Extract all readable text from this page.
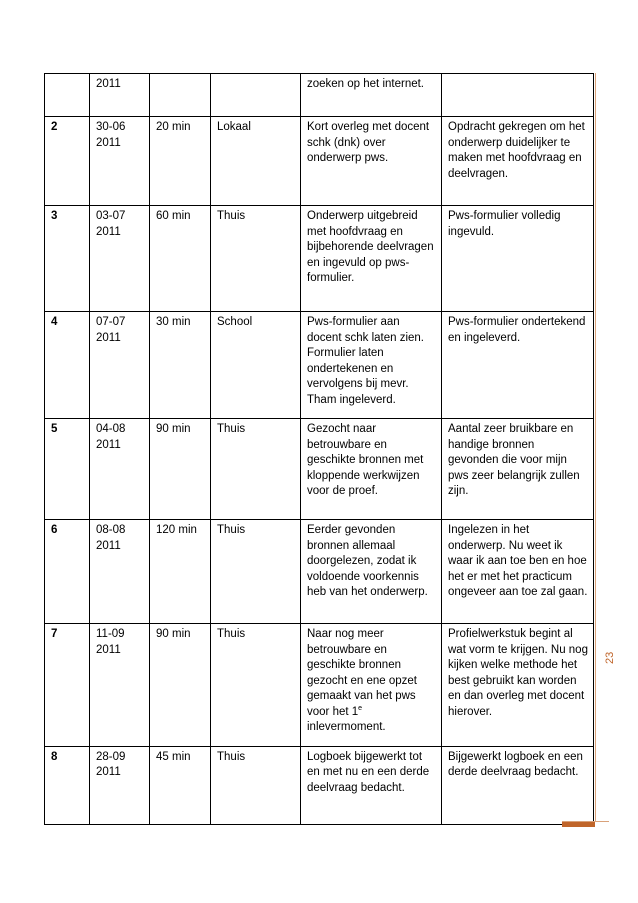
	2011			zoeken op het internet.	

2	30-06 2011	20 min	Lokaal	Kort overleg met docent schk (dnk) over onderwerp pws.	Opdracht gekregen om het onderwerp duidelijker te maken met hoofdvraag en deelvragen.

3	03-07 2011	60 min	Thuis	Onderwerp uitgebreid met hoofdvraag en bijbehorende deelvragen en ingevuld op pws-formulier.	Pws-formulier volledig ingevuld.

4	07-07 2011	30 min	School	Pws-formulier aan docent schk laten zien. Formulier laten ondertekenen en vervolgens bij mevr. Tham ingeleverd.	Pws-formulier ondertekend en ingeleverd.

5	04-08 2011	90 min	Thuis	Gezocht naar betrouwbare en geschikte bronnen met kloppende werkwijzen voor de proef.	Aantal zeer bruikbare en handige bronnen gevonden die voor mijn pws zeer belangrijk zullen zijn.

6	08-08 2011	120 min	Thuis	Eerder gevonden bronnen allemaal doorgelezen, zodat ik voldoende voorkennis heb van het onderwerp.	Ingelezen in het onderwerp. Nu weet ik waar ik aan toe ben en hoe het er met het practicum ongeveer aan toe zal gaan.

7	11-09 2011	90 min	Thuis	Naar nog meer betrouwbare en geschikte bronnen gezocht en ene opzet gemaakt van het pws voor het 1e inlevermoment.	Profielwerkstuk begint al wat vorm te krijgen. Nu nog kijken welke methode het best gebruikt kan worden en dan overleg met docent hierover.

8	28-09 2011	45 min	Thuis	Logboek bijgewerkt tot en met nu en een derde deelvraag bedacht.	Bijgewerkt logboek en een derde deelvraag bedacht.
23
